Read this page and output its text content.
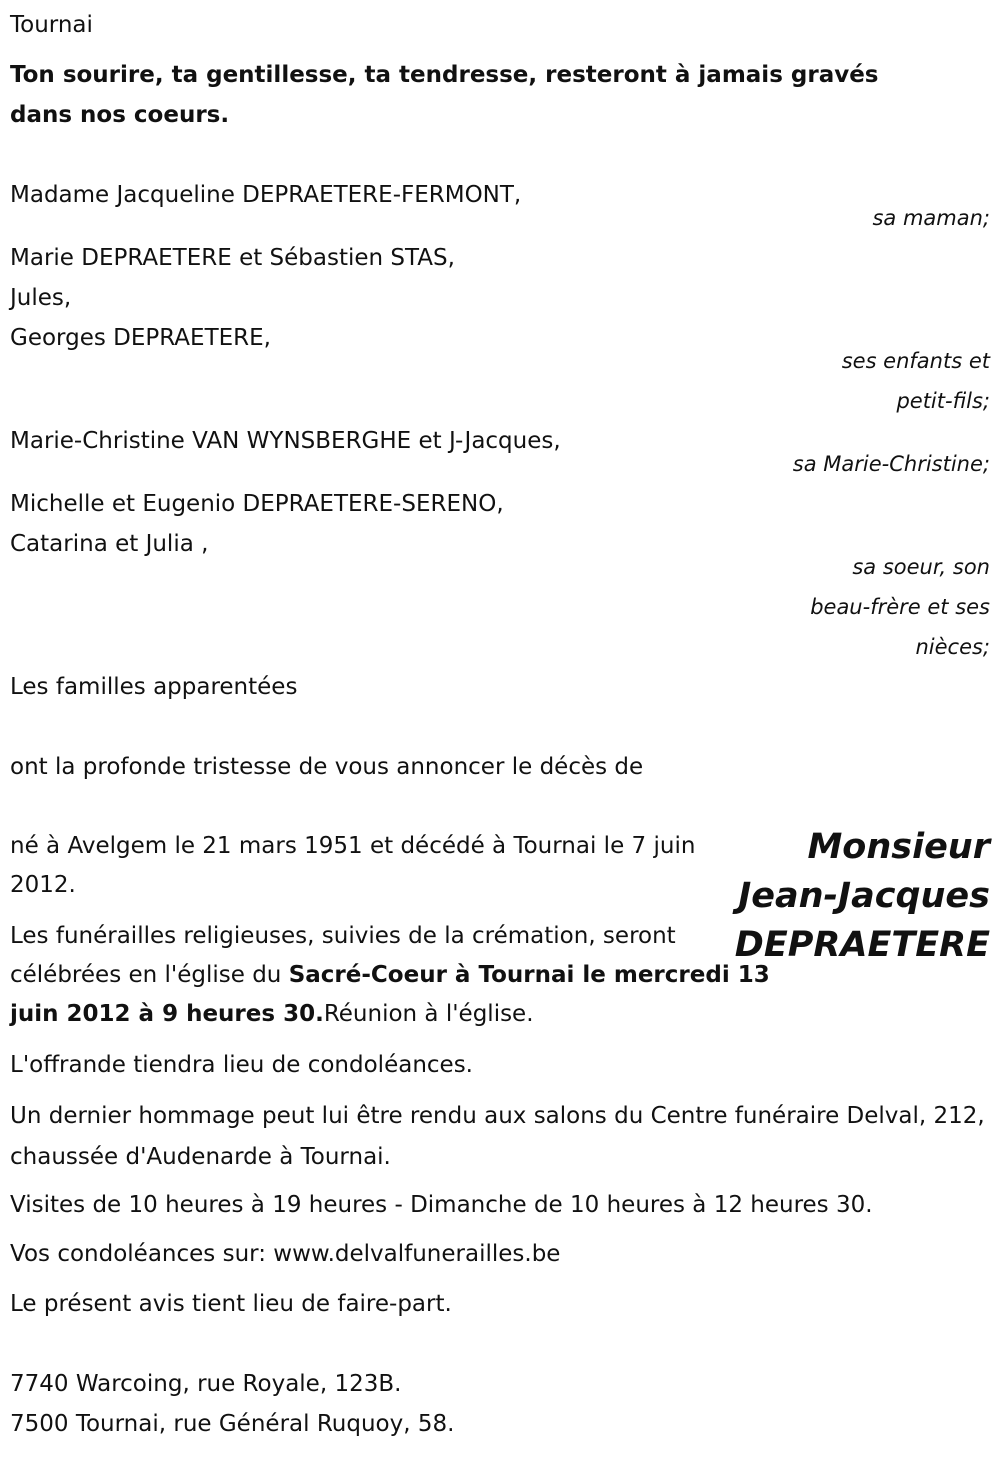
Tournai
Ton sourire, ta gentillesse, ta tendresse, resteront à jamais gravés
dans nos coeurs.
Madame Jacqueline DEPRAETERE-FERMONT,
sa maman;
Marie DEPRAETERE et Sébastien STAS,
Jules,
Georges DEPRAETERE,
ses enfants et
petit-fils;
Marie-Christine VAN WYNSBERGHE et J-Jacques,
sa Marie-Christine;
Michelle et Eugenio DEPRAETERE-SERENO,
Catarina et Julia ,
sa soeur, son
beau-frère et ses
nièces;
Les familles apparentées
ont la profonde tristesse de vous annoncer le décès de
Monsieur
Jean-Jacques
DEPRAETERE
né à Avelgem le 21 mars 1951 et décédé à Tournai le 7 juin 2012.
Les funérailles religieuses, suivies de la crémation, seront célébrées en l'église du Sacré-Coeur à Tournai le mercredi 13 juin 2012 à 9 heures 30.Réunion à l'église.
L'offrande tiendra lieu de condoléances.
Un dernier hommage peut lui être rendu aux salons du Centre funéraire Delval, 212, chaussée d'Audenarde à Tournai.
Visites de 10 heures à 19 heures - Dimanche de 10 heures à 12 heures 30.
Vos condoléances sur: www.delvalfunerailles.be
Le présent avis tient lieu de faire-part.
7740 Warcoing, rue Royale, 123B.
7500 Tournai, rue Général Ruquoy, 58.
